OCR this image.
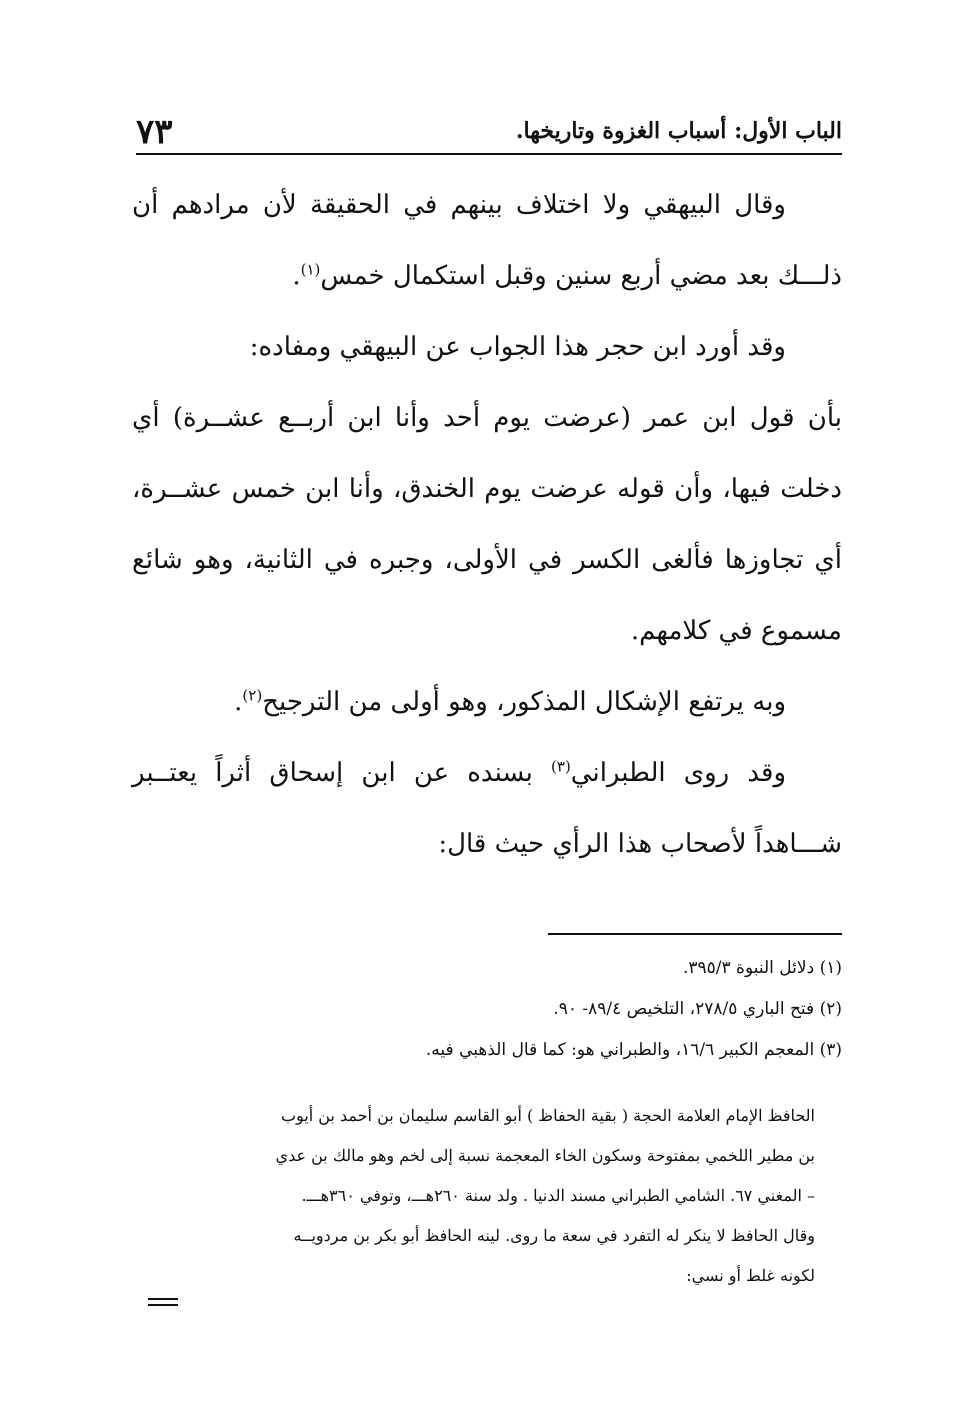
الباب الأول: أسباب الغزوة وتاريخها.
٧٣

وقال البيهقي ولا اختلاف بينهم في الحقيقة لأن مرادهم أن ذلـــك بعد مضي أربع سنين وقبل استكمال خمس$^{(١)}$.

وقد أورد ابن حجر هذا الجواب عن البيهقي ومفاده:

بأن قول ابن عمر (عرضت يوم أحد وأنا ابن أربــع عشــرة) أي دخلت فيها، وأن قوله عرضت يوم الخندق، وأنا ابن خمس عشــرة، أي تجاوزها فألغى الكسر في الأولى، وجبره في الثانية، وهو شائع مسموع في كلامهم.

وبه يرتفع الإشكال المذكور، وهو أولى من الترجيح$^{(٢)}$.

وقد روى الطبراني$^{(٣)}$ بسنده عن ابن إسحاق أثراً يعتــبر شـــاهداً لأصحاب هذا الرأي حيث قال:

(١) دلائل النبوة ٣٩٥/٣.

(٢) فتح الباري ٢٧٨/٥، التلخيص ٨٩/٤- ٩٠.

(٣) المعجم الكبير ١٦/٦، والطبراني هو: كما قال الذهبي فيه.

الحافظ الإمام العلامة الحجة ( بقية الحفاظ ) أبو القاسم سليمان بن أحمد بن أيوب

بن مطير اللخمي بمفتوحة وسكون الخاء المعجمة نسبة إلى لخم وهو مالك بن عدي

– المغني ٦٧. الشامي الطبراني مسند الدنيا . ولد سنة ٢٦٠هـــ، وتوفي ٣٦٠هـــ.

وقال الحافظ لا ينكر له التفرد في سعة ما روى. لينه الحافظ أبو بكر بن مردويــه

لكونه غلط أو نسي:
